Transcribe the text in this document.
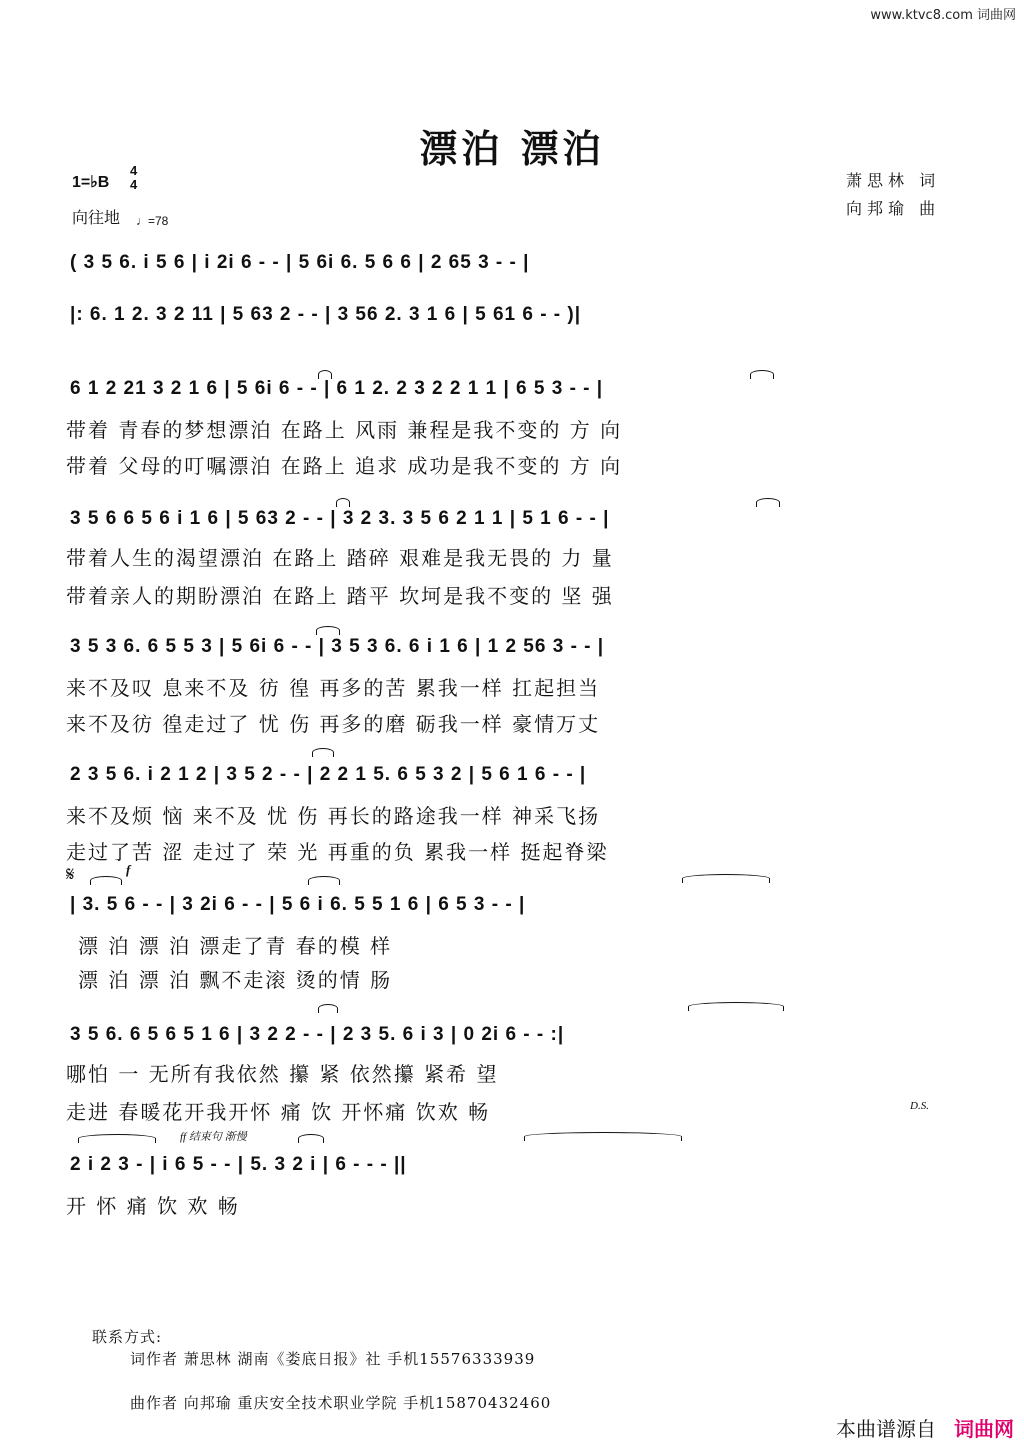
www.ktvc8.com 词曲网
漂泊 漂泊
1=♭B
4
4
向往地 ♩=78
萧思林 词
向邦瑜 曲
( 3 5 6. i 5 6 | i 2i 6 - - | 5 6i 6. 5 6 6 | 2 65 3 - - |
|: 6. 1 2. 3 2 11 | 5 63 2 - - | 3 56 2. 3 1 6 | 5 61 6 - - )|
6 1 2 21 3 2 1 6 | 5 6i 6 - - | 6 1 2. 2 3 2 2 1 1 | 6 5 3 - - |
带着 青春的梦想漂泊 在路上 风雨 兼程是我不变的 方 向
带着 父母的叮嘱漂泊 在路上 追求 成功是我不变的 方 向
3 5 6 6 5 6 i 1 6 | 5 63 2 - - | 3 2 3. 3 5 6 2 1 1 | 5 1 6 - - |
带着人生的渴望漂泊 在路上 踏碎 艰难是我无畏的 力 量
带着亲人的期盼漂泊 在路上 踏平 坎坷是我不变的 坚 强
3 5 3 6. 6 5 5 3 | 5 6i 6 - - | 3 5 3 6. 6 i 1 6 | 1 2 56 3 - - |
来不及叹 息来不及 彷 徨 再多的苦 累我一样 扛起担当
来不及彷 徨走过了 忧 伤 再多的磨 砺我一样 豪情万丈
2 3 5 6. i 2 1 2 | 3 5 2 - - | 2 2 1 5. 6 5 3 2 | 5 6 1 6 - - |
来不及烦 恼 来不及 忧 伤 再长的路途我一样 神采飞扬
走过了苦 涩 走过了 荣 光 再重的负 累我一样 挺起脊梁
𝄋	f
| 3. 5 6 - - | 3 2i 6 - - | 5 6 i 6. 5 5 1 6 | 6 5 3 - - |
漂 泊 漂 泊 漂走了青 春的模 样
漂 泊 漂 泊 飘不走滚 烫的情 肠
3 5 6. 6 5 6 5 1 6 | 3 2 2 - - | 2 3 5. 6 i 3 | 0 2i 6 - - :|
哪怕 一 无所有我依然 攥 紧 依然攥 紧希 望
走进 春暖花开我开怀 痛 饮 开怀痛 饮欢 畅	D.S.
ff 结束句 渐慢
2 i 2 3 - | i 6 5 - - | 5. 3 2 i | 6 - - - ||
开 怀 痛 饮 欢 畅
联系方式:
词作者 萧思林 湖南《娄底日报》社 手机15576333939
曲作者 向邦瑜 重庆安全技术职业学院 手机15870432460
本曲谱源自 词曲网
